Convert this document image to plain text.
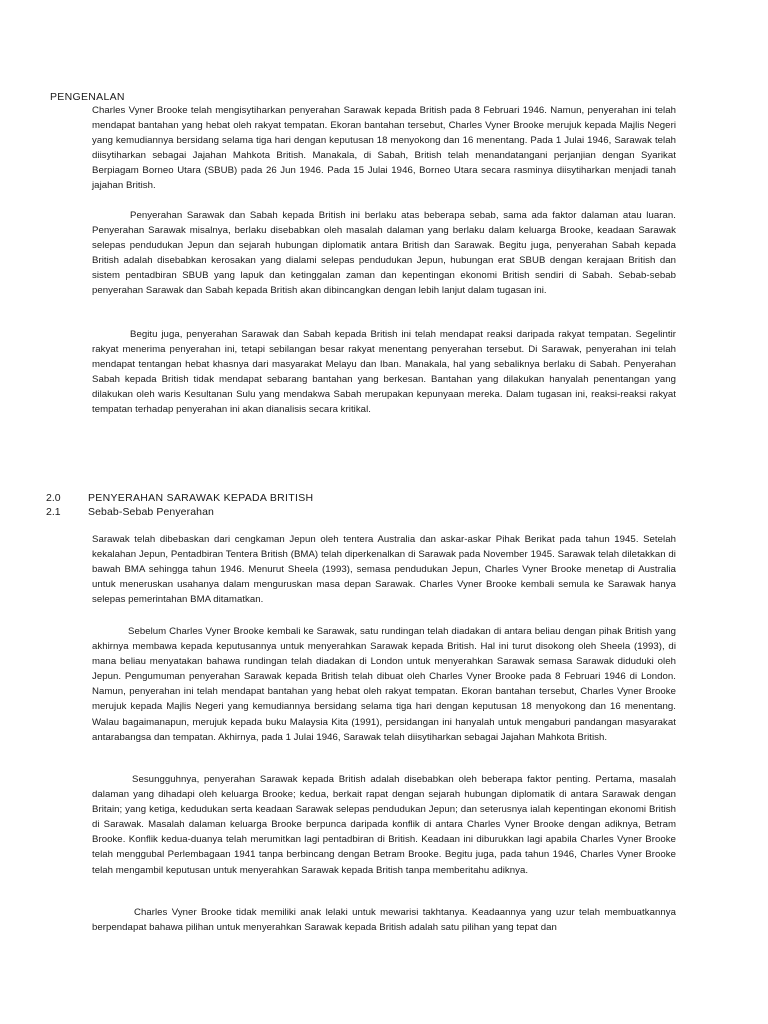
PENGENALAN
Charles Vyner Brooke telah mengisytiharkan penyerahan Sarawak kepada British pada 8 Februari 1946. Namun, penyerahan ini telah mendapat bantahan yang hebat oleh rakyat tempatan. Ekoran bantahan tersebut, Charles Vyner Brooke merujuk kepada Majlis Negeri yang kemudiannya bersidang selama tiga hari dengan keputusan 18 menyokong dan 16 menentang. Pada 1 Julai 1946, Sarawak telah diisytiharkan sebagai Jajahan Mahkota British. Manakala, di Sabah, British telah menandatangani perjanjian dengan Syarikat Berpiagam Borneo Utara (SBUB) pada 26 Jun 1946. Pada 15 Julai 1946, Borneo Utara secara rasminya diisytiharkan menjadi tanah jajahan British.
Penyerahan Sarawak dan Sabah kepada British ini berlaku atas beberapa sebab, sama ada faktor dalaman atau luaran. Penyerahan Sarawak misalnya, berlaku disebabkan oleh masalah dalaman yang berlaku dalam keluarga Brooke, keadaan Sarawak selepas pendudukan Jepun dan sejarah hubungan diplomatik antara British dan Sarawak. Begitu juga, penyerahan Sabah kepada British adalah disebabkan kerosakan yang dialami selepas pendudukan Jepun, hubungan erat SBUB dengan kerajaan British dan sistem pentadbiran SBUB yang lapuk dan ketinggalan zaman dan kepentingan ekonomi British sendiri di Sabah. Sebab-sebab penyerahan Sarawak dan Sabah kepada British akan dibincangkan dengan lebih lanjut dalam tugasan ini.
Begitu juga, penyerahan Sarawak dan Sabah kepada British ini telah mendapat reaksi daripada rakyat tempatan. Segelintir rakyat menerima penyerahan ini, tetapi sebilangan besar rakyat menentang penyerahan tersebut. Di Sarawak, penyerahan ini telah mendapat tentangan hebat khasnya dari masyarakat Melayu dan Iban. Manakala, hal yang sebaliknya berlaku di Sabah. Penyerahan Sabah kepada British tidak mendapat sebarang bantahan yang berkesan. Bantahan yang dilakukan hanyalah penentangan yang dilakukan oleh waris Kesultanan Sulu yang mendakwa Sabah merupakan kepunyaan mereka. Dalam tugasan ini, reaksi-reaksi rakyat tempatan terhadap penyerahan ini akan dianalisis secara kritikal.
2.0	PENYERAHAN SARAWAK KEPADA BRITISH
2.1	Sebab-Sebab Penyerahan
Sarawak telah dibebaskan dari cengkaman Jepun oleh tentera Australia dan askar-askar Pihak Berikat pada tahun 1945. Setelah kekalahan Jepun, Pentadbiran Tentera British (BMA) telah diperkenalkan di Sarawak pada November 1945. Sarawak telah diletakkan di bawah BMA sehingga tahun 1946. Menurut Sheela (1993), semasa pendudukan Jepun, Charles Vyner Brooke menetap di Australia untuk meneruskan usahanya dalam menguruskan masa depan Sarawak. Charles Vyner Brooke kembali semula ke Sarawak hanya selepas pemerintahan BMA ditamatkan.
Sebelum Charles Vyner Brooke kembali ke Sarawak, satu rundingan telah diadakan di antara beliau dengan pihak British yang akhirnya membawa kepada keputusannya untuk menyerahkan Sarawak kepada British. Hal ini turut disokong oleh Sheela (1993), di mana beliau menyatakan bahawa rundingan telah diadakan di London untuk menyerahkan Sarawak semasa Sarawak diduduki oleh Jepun. Pengumuman penyerahan Sarawak kepada British telah dibuat oleh Charles Vyner Brooke pada 8 Februari 1946 di London. Namun, penyerahan ini telah mendapat bantahan yang hebat oleh rakyat tempatan. Ekoran bantahan tersebut, Charles Vyner Brooke merujuk kepada Majlis Negeri yang kemudiannya bersidang selama tiga hari dengan keputusan 18 menyokong dan 16 menentang. Walau bagaimanapun, merujuk kepada buku Malaysia Kita (1991), persidangan ini hanyalah untuk mengaburi pandangan masyarakat antarabangsa dan tempatan. Akhirnya, pada 1 Julai 1946, Sarawak telah diisytiharkan sebagai Jajahan Mahkota British.
Sesungguhnya, penyerahan Sarawak kepada British adalah disebabkan oleh beberapa faktor penting. Pertama, masalah dalaman yang dihadapi oleh keluarga Brooke; kedua, berkait rapat dengan sejarah hubungan diplomatik di antara Sarawak dengan Britain; yang ketiga, kedudukan serta keadaan Sarawak selepas pendudukan Jepun; dan seterusnya ialah kepentingan ekonomi British di Sarawak. Masalah dalaman keluarga Brooke berpunca daripada konflik di antara Charles Vyner Brooke dengan adiknya, Betram Brooke. Konflik kedua-duanya telah merumitkan lagi pentadbiran di British. Keadaan ini diburukkan lagi apabila Charles Vyner Brooke telah menggubal Perlembagaan 1941 tanpa berbincang dengan Betram Brooke. Begitu juga, pada tahun 1946, Charles Vyner Brooke telah mengambil keputusan untuk menyerahkan Sarawak kepada British tanpa memberitahu adiknya.
Charles Vyner Brooke tidak memiliki anak lelaki untuk mewarisi takhtanya. Keadaannya yang uzur telah membuatkannya berpendapat bahawa pilihan untuk menyerahkan Sarawak kepada British adalah satu pilihan yang tepat dan
